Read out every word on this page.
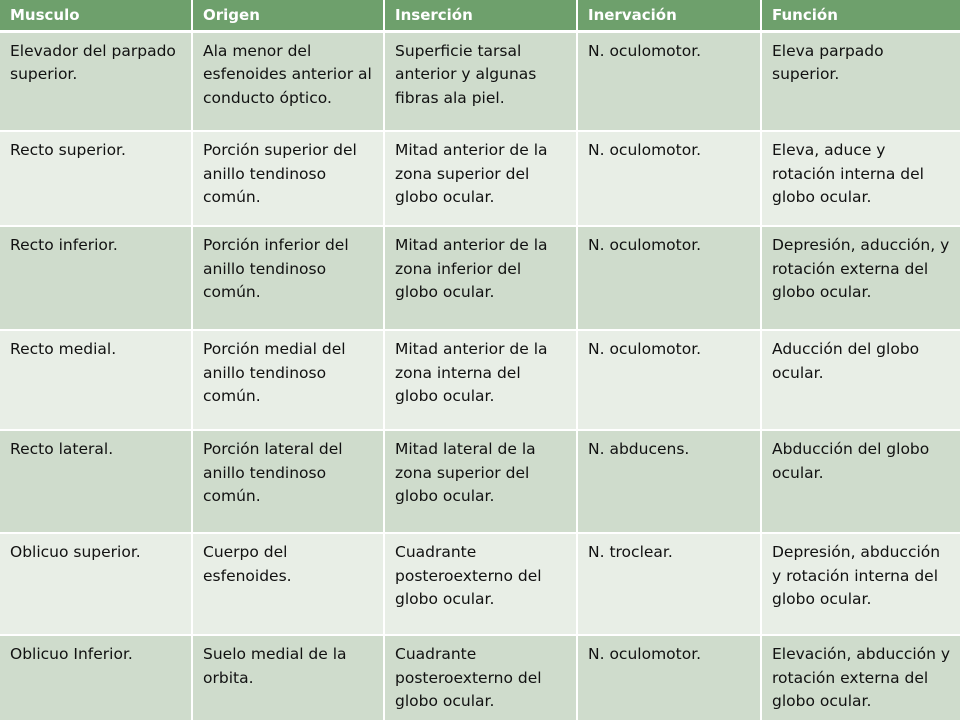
Musculo	Origen	Inserción	Inervación	Función
Elevador del parpado superior.	Ala menor del esfenoides anterior al conducto óptico.	Superficie tarsal anterior y algunas fibras ala piel.	N. oculomotor.	Eleva parpado superior.
Recto superior.	Porción superior del anillo tendinoso común.	Mitad anterior de la zona superior del globo ocular.	N. oculomotor.	Eleva, aduce y rotación interna del globo ocular.
Recto inferior.	Porción inferior del anillo tendinoso común.	Mitad anterior de la zona inferior del globo ocular.	N. oculomotor.	Depresión, aducción, y rotación externa del globo ocular.
Recto medial.	Porción medial del anillo tendinoso común.	Mitad anterior de la zona interna del globo ocular.	N. oculomotor.	Aducción del globo ocular.
Recto lateral.	Porción lateral del anillo tendinoso común.	Mitad lateral de la zona superior del globo ocular.	N. abducens.	Abducción del globo ocular.
Oblicuo superior.	Cuerpo del esfenoides.	Cuadrante posteroexterno del globo ocular.	N. troclear.	Depresión, abducción y rotación interna del globo ocular.
Oblicuo Inferior.	Suelo medial de la orbita.	Cuadrante posteroexterno del globo ocular.	N. oculomotor.	Elevación, abducción y rotación externa del globo ocular.
